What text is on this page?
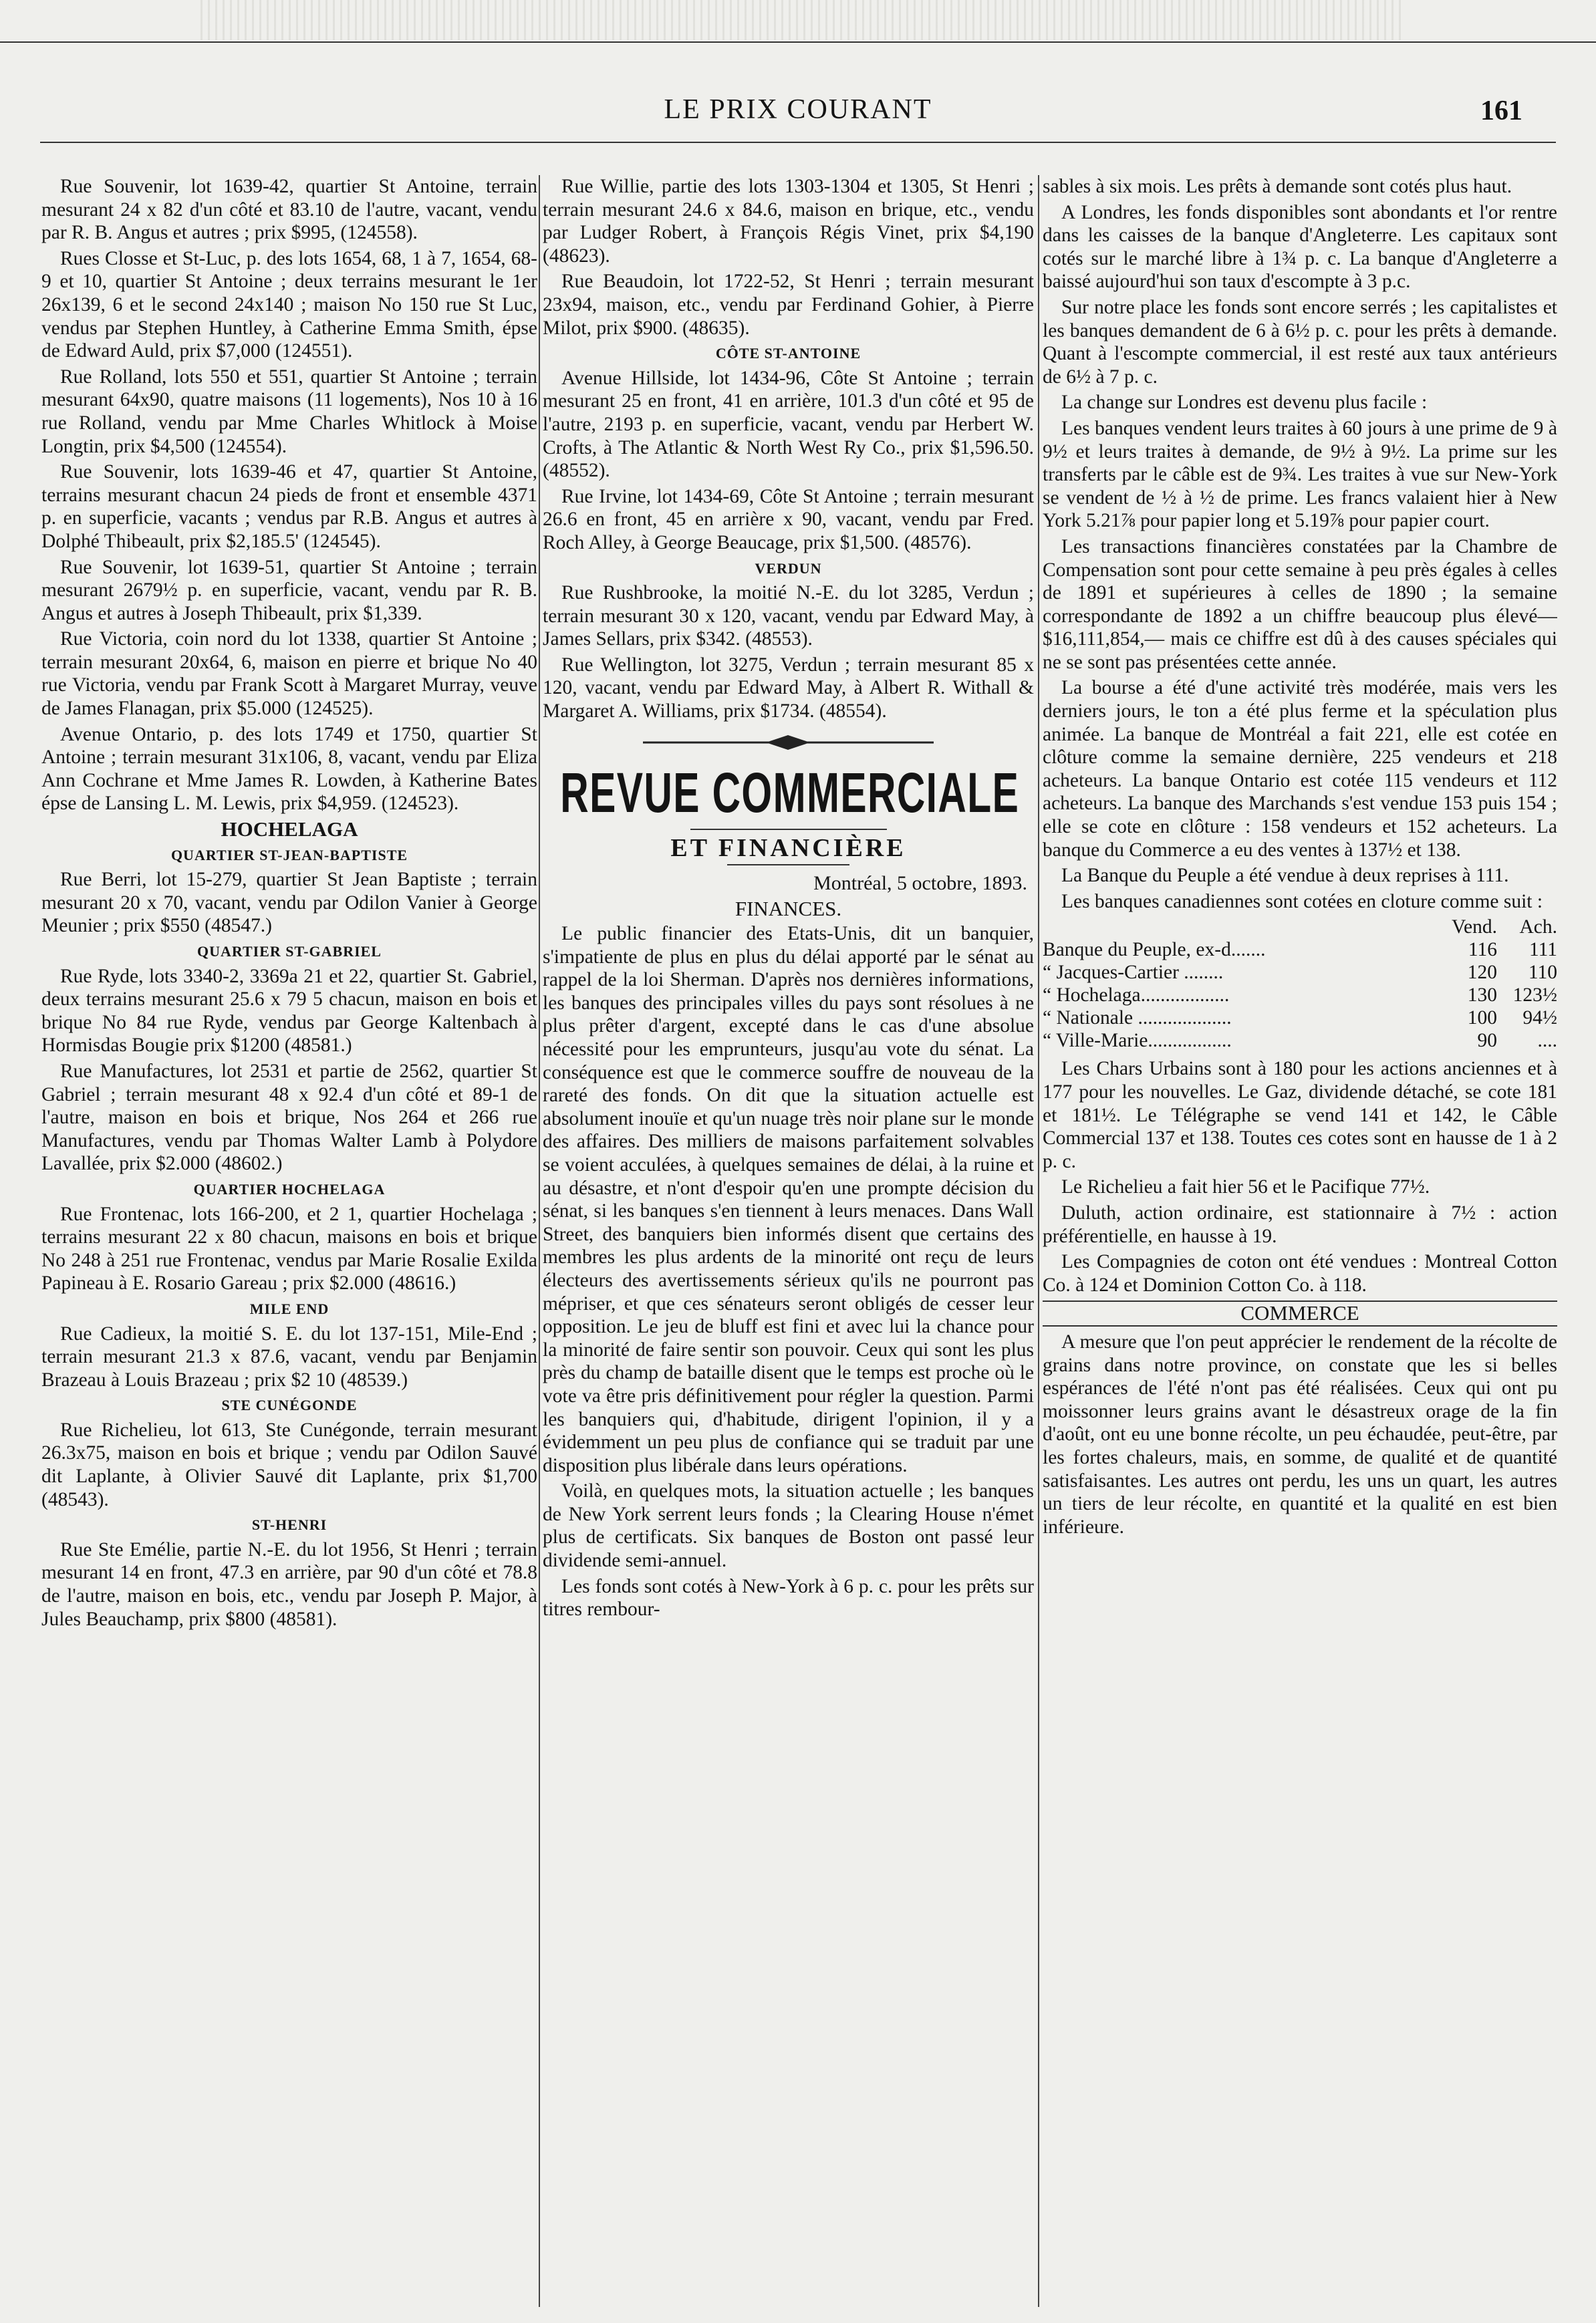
LE PRIX COURANT	161

Rue Souvenir, lot 1639-42, quartier St Antoine, terrain mesurant 24 x 82 d'un côté et 83.10 de l'autre, vacant, vendu par R. B. Angus et autres ; prix $995, (124558).

Rues Closse et St-Luc, p. des lots 1654, 68, 1 à 7, 1654, 68-9 et 10, quartier St Antoine ; deux terrains mesurant le 1er 26x139, 6 et le second 24x140 ; maison No 150 rue St Luc, vendus par Stephen Huntley, à Catherine Emma Smith, épse de Edward Auld, prix $7,000 (124551).

Rue Rolland, lots 550 et 551, quartier St Antoine ; terrain mesurant 64x90, quatre maisons (11 logements), Nos 10 à 16 rue Rolland, vendu par Mme Charles Whitlock à Moise Longtin, prix $4,500 (124554).

Rue Souvenir, lots 1639-46 et 47, quartier St Antoine, terrains mesurant chacun 24 pieds de front et ensemble 4371 p. en superficie, vacants ; vendus par R.B. Angus et autres à Dolphé Thibeault, prix $2,185.5' (124545).

Rue Souvenir, lot 1639-51, quartier St Antoine ; terrain mesurant 2679½ p. en superficie, vacant, vendu par R. B. Angus et autres à Joseph Thibeault, prix $1,339.

Rue Victoria, coin nord du lot 1338, quartier St Antoine ; terrain mesurant 20x64, 6, maison en pierre et brique No 40 rue Victoria, vendu par Frank Scott à Margaret Murray, veuve de James Flanagan, prix $5.000 (124525).

Avenue Ontario, p. des lots 1749 et 1750, quartier St Antoine ; terrain mesurant 31x106, 8, vacant, vendu par Eliza Ann Cochrane et Mme James R. Lowden, à Katherine Bates épse de Lansing L. M. Lewis, prix $4,959. (124523).

HOCHELAGA
QUARTIER ST-JEAN-BAPTISTE

Rue Berri, lot 15-279, quartier St Jean Baptiste ; terrain mesurant 20 x 70, vacant, vendu par Odilon Vanier à George Meunier ; prix $550 (48547.)

QUARTIER ST-GABRIEL

Rue Ryde, lots 3340-2, 3369a 21 et 22, quartier St. Gabriel, deux terrains mesurant 25.6 x 79 5 chacun, maison en bois et brique No 84 rue Ryde, vendus par George Kaltenbach à Hormisdas Bougie prix $1200 (48581.)

Rue Manufactures, lot 2531 et partie de 2562, quartier St Gabriel ; terrain mesurant 48 x 92.4 d'un côté et 89-1 de l'autre, maison en bois et brique, Nos 264 et 266 rue Manufactures, vendu par Thomas Walter Lamb à Polydore Lavallée, prix $2.000 (48602.)

QUARTIER HOCHELAGA

Rue Frontenac, lots 166-200, et 2 1, quartier Hochelaga ; terrains mesurant 22 x 80 chacun, maisons en bois et brique No 248 à 251 rue Frontenac, vendus par Marie Rosalie Exilda Papineau à E. Rosario Gareau ; prix $2.000 (48616.)

MILE END

Rue Cadieux, la moitié S. E. du lot 137-151, Mile-End ; terrain mesurant 21.3 x 87.6, vacant, vendu par Benjamin Brazeau à Louis Brazeau ; prix $2 10 (48539.)

STE CUNÉGONDE

Rue Richelieu, lot 613, Ste Cunégonde, terrain mesurant 26.3x75, maison en bois et brique ; vendu par Odilon Sauvé dit Laplante, à Olivier Sauvé dit Laplante, prix $1,700 (48543).

ST-HENRI

Rue Ste Emélie, partie N.-E. du lot 1956, St Henri ; terrain mesurant 14 en front, 47.3 en arrière, par 90 d'un côté et 78.8 de l'autre, maison en bois, etc., vendu par Joseph P. Major, à Jules Beauchamp, prix $800 (48581).

Rue Willie, partie des lots 1303-1304 et 1305, St Henri ; terrain mesurant 24.6 x 84.6, maison en brique, etc., vendu par Ludger Robert, à François Régis Vinet, prix $4,190 (48623).

Rue Beaudoin, lot 1722-52, St Henri ; terrain mesurant 23x94, maison, etc., vendu par Ferdinand Gohier, à Pierre Milot, prix $900. (48635).

CÔTE ST-ANTOINE

Avenue Hillside, lot 1434-96, Côte St Antoine ; terrain mesurant 25 en front, 41 en arrière, 101.3 d'un côté et 95 de l'autre, 2193 p. en superficie, vacant, vendu par Herbert W. Crofts, à The Atlantic & North West Ry Co., prix $1,596.50. (48552).

Rue Irvine, lot 1434-69, Côte St Antoine ; terrain mesurant 26.6 en front, 45 en arrière x 90, vacant, vendu par Fred. Roch Alley, à George Beaucage, prix $1,500. (48576).

VERDUN

Rue Rushbrooke, la moitié N.-E. du lot 3285, Verdun ; terrain mesurant 30 x 120, vacant, vendu par Edward May, à James Sellars, prix $342. (48553).

Rue Wellington, lot 3275, Verdun ; terrain mesurant 85 x 120, vacant, vendu par Edward May, à Albert R. Withall & Margaret A. Williams, prix $1734. (48554).

REVUE COMMERCIALE
ET FINANCIÈRE
Montréal, 5 octobre, 1893.
FINANCES.

Le public financier des Etats-Unis, dit un banquier, s'impatiente de plus en plus du délai apporté par le sénat au rappel de la loi Sherman. D'après nos dernières informations, les banques des principales villes du pays sont résolues à ne plus prêter d'argent, excepté dans le cas d'une absolue nécessité pour les emprunteurs, jusqu'au vote du sénat. La conséquence est que le commerce souffre de nouveau de la rareté des fonds. On dit que la situation actuelle est absolument inouïe et qu'un nuage très noir plane sur le monde des affaires. Des milliers de maisons parfaitement solvables se voient acculées, à quelques semaines de délai, à la ruine et au désastre, et n'ont d'espoir qu'en une prompte décision du sénat, si les banques s'en tiennent à leurs menaces. Dans Wall Street, des banquiers bien informés disent que certains des membres les plus ardents de la minorité ont reçu de leurs électeurs des avertissements sérieux qu'ils ne pourront pas mépriser, et que ces sénateurs seront obligés de cesser leur opposition. Le jeu de bluff est fini et avec lui la chance pour la minorité de faire sentir son pouvoir. Ceux qui sont les plus près du champ de bataille disent que le temps est proche où le vote va être pris définitivement pour régler la question. Parmi les banquiers qui, d'habitude, dirigent l'opinion, il y a évidemment un peu plus de confiance qui se traduit par une disposition plus libérale dans leurs opérations.

Voilà, en quelques mots, la situation actuelle ; les banques de New York serrent leurs fonds ; la Clearing House n'émet plus de certificats. Six banques de Boston ont passé leur dividende semi-annuel.

Les fonds sont cotés à New-York à 6 p. c. pour les prêts sur titres rembour-

sables à six mois. Les prêts à demande sont cotés plus haut.

A Londres, les fonds disponibles sont abondants et l'or rentre dans les caisses de la banque d'Angleterre. Les capitaux sont cotés sur le marché libre à 1¾ p. c. La banque d'Angleterre a baissé aujourd'hui son taux d'escompte à 3 p.c.

Sur notre place les fonds sont encore serrés ; les capitalistes et les banques demandent de 6 à 6½ p. c. pour les prêts à demande. Quant à l'escompte commercial, il est resté aux taux antérieurs de 6½ à 7 p. c.

La change sur Londres est devenu plus facile :

Les banques vendent leurs traites à 60 jours à une prime de 9 à 9½ et leurs traites à demande, de 9½ à 9½. La prime sur les transferts par le câble est de 9¾. Les traites à vue sur New-York se vendent de ½ à ½ de prime. Les francs valaient hier à New York 5.21⅞ pour papier long et 5.19⅞ pour papier court.

Les transactions financières constatées par la Chambre de Compensation sont pour cette semaine à peu près égales à celles de 1891 et supérieures à celles de 1890 ; la semaine correspondante de 1892 a un chiffre beaucoup plus élevé—$16,111,854,— mais ce chiffre est dû à des causes spéciales qui ne se sont pas présentées cette année.

La bourse a été d'une activité très modérée, mais vers les derniers jours, le ton a été plus ferme et la spéculation plus animée. La banque de Montréal a fait 221, elle est cotée en clôture comme la semaine dernière, 225 vendeurs et 218 acheteurs. La banque Ontario est cotée 115 vendeurs et 112 acheteurs. La banque des Marchands s'est vendue 153 puis 154 ; elle se cote en clôture : 158 vendeurs et 152 acheteurs. La banque du Commerce a eu des ventes à 137½ et 138.

La Banque du Peuple a été vendue à deux reprises à 111.

Les banques canadiennes sont cotées en cloture comme suit :

	Vend.	Ach.
Banque du Peuple, ex-d.......	116	111
“ Jacques-Cartier ........	120	110
“ Hochelaga..................	130	123½
“ Nationale ...................	100	94½
“ Ville-Marie.................	90	....

Les Chars Urbains sont à 180 pour les actions anciennes et à 177 pour les nouvelles. Le Gaz, dividende détaché, se cote 181 et 181½. Le Télégraphe se vend 141 et 142, le Câble Commercial 137 et 138. Toutes ces cotes sont en hausse de 1 à 2 p. c.

Le Richelieu a fait hier 56 et le Pacifique 77½.

Duluth, action ordinaire, est stationnaire à 7½ : action préférentielle, en hausse à 19.

Les Compagnies de coton ont été vendues : Montreal Cotton Co. à 124 et Dominion Cotton Co. à 118.

COMMERCE

A mesure que l'on peut apprécier le rendement de la récolte de grains dans notre province, on constate que les si belles espérances de l'été n'ont pas été réalisées. Ceux qui ont pu moissonner leurs grains avant le désastreux orage de la fin d'août, ont eu une bonne récolte, un peu échaudée, peut-être, par les fortes chaleurs, mais, en somme, de qualité et de quantité satisfaisantes. Les autres ont perdu, les uns un quart, les autres un tiers de leur récolte, en quantité et la qualité en est bien inférieure.
